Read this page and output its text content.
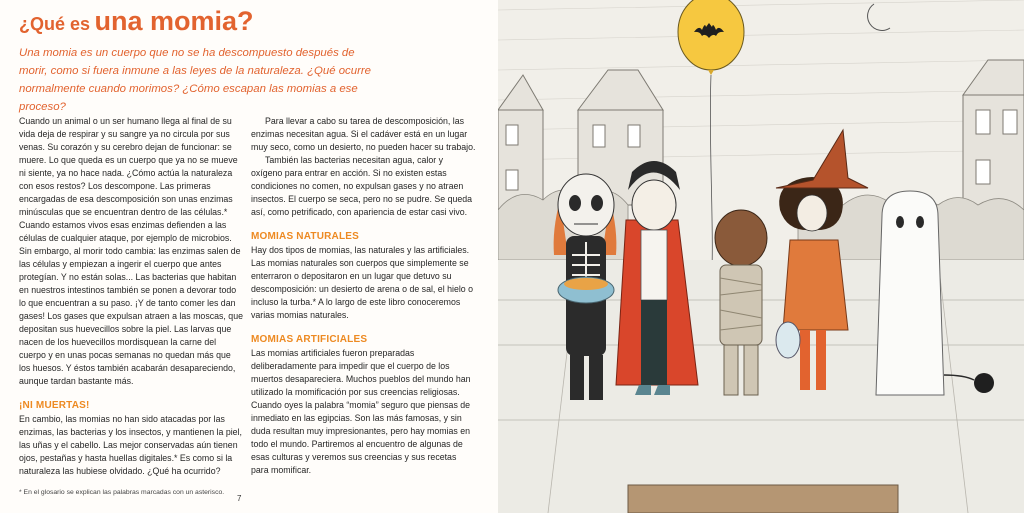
¿Qué es una momia?
Una momia es un cuerpo que no se ha descompuesto después de morir, como si fuera inmune a las leyes de la naturaleza. ¿Qué ocurre normalmente cuando morimos? ¿Cómo escapan las momias a ese proceso?

Cuando un animal o un ser humano llega al final de su vida deja de respirar y su sangre ya no circula por sus venas. Su corazón y su cerebro dejan de funcionar: se muere. Lo que queda es un cuerpo que ya no se mueve ni siente, ya no hace nada. ¿Cómo actúa la naturaleza con esos restos? Los descompone. Las primeras encargadas de esa descomposición son unas enzimas minúsculas que se encuentran dentro de las células.* Cuando estamos vivos esas enzimas defienden a las células de cualquier ataque, por ejemplo de microbios. Sin embargo, al morir todo cambia: las enzimas salen de las células y empiezan a ingerir el cuerpo que antes protegían. Y no están solas... Las bacterias que habitan en nuestros intestinos también se ponen a devorar todo lo que encuentran a su paso. ¡Y de tanto comer les dan gases! Los gases que expulsan atraen a las moscas, que depositan sus huevecillos sobre la piel. Las larvas que nacen de los huevecillos mordisquean la carne del cuerpo y en unas pocas semanas no quedan más que los huesos. Y éstos también acabarán desapareciendo, aunque tardan bastante más.

¡NI MUERTAS!

En cambio, las momias no han sido atacadas por las enzimas, las bacterias y los insectos, y mantienen la piel, las uñas y el cabello. Las mejor conservadas aún tienen ojos, pestañas y hasta huellas digitales.* Es como si la naturaleza las hubiese olvidado. ¿Qué ha ocurrido?

Para llevar a cabo su tarea de descomposición, las enzimas necesitan agua. Si el cadáver está en un lugar muy seco, como un desierto, no pueden hacer su trabajo.

También las bacterias necesitan agua, calor y oxígeno para entrar en acción. Si no existen estas condiciones no comen, no expulsan gases y no atraen insectos. El cuerpo se seca, pero no se pudre. Se queda así, como petrificado, con apariencia de estar casi vivo.

MOMIAS NATURALES

Hay dos tipos de momias, las naturales y las artificiales. Las momias naturales son cuerpos que simplemente se enterraron o depositaron en un lugar que detuvo su descomposición: un desierto de arena o de sal, el hielo o incluso la turba.* A lo largo de este libro conoceremos varias momias naturales.

MOMIAS ARTIFICIALES

Las momias artificiales fueron preparadas deliberadamente para impedir que el cuerpo de los muertos desapareciera. Muchos pueblos del mundo han utilizado la momificación por sus creencias religiosas. Cuando oyes la palabra “momia” seguro que piensas de inmediato en las egipcias. Son las más famosas, y sin duda resultan muy impresionantes, pero hay momias en todo el mundo. Partiremos al encuentro de algunas de esas culturas y veremos sus creencias y sus recetas para momificar.

* En el glosario se explican las palabras marcadas con un asterisco.
7
